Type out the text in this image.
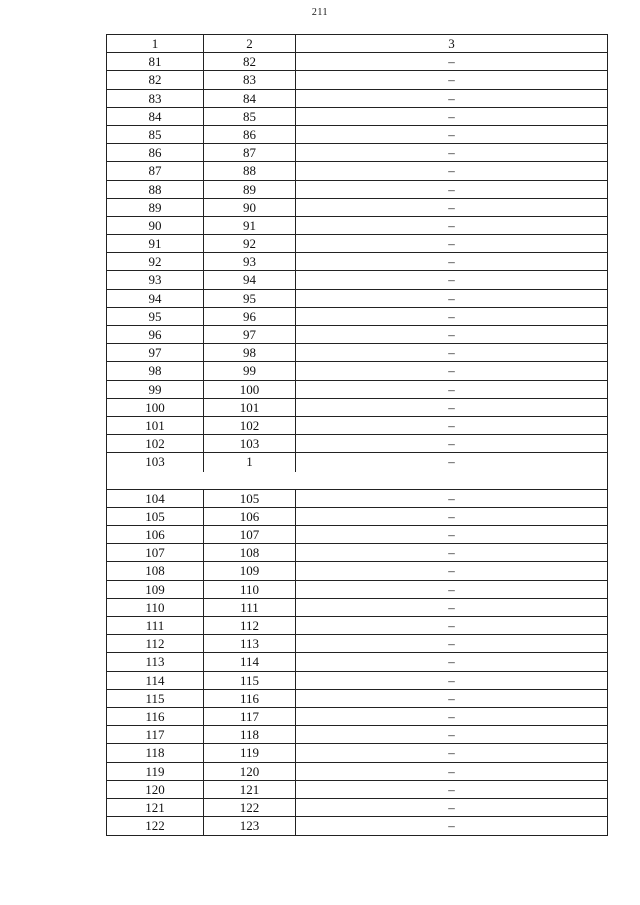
211
1	2	3
81	82	–
82	83	–
83	84	–
84	85	–
85	86	–
86	87	–
87	88	–
88	89	–
89	90	–
90	91	–
91	92	–
92	93	–
93	94	–
94	95	–
95	96	–
96	97	–
97	98	–
98	99	–
99	100	–
100	101	–
101	102	–
102	103	–
103	1	–
104	105	–
105	106	–
106	107	–
107	108	–
108	109	–
109	110	–
110	111	–
111	112	–
112	113	–
113	114	–
114	115	–
115	116	–
116	117	–
117	118	–
118	119	–
119	120	–
120	121	–
121	122	–
122	123	–
